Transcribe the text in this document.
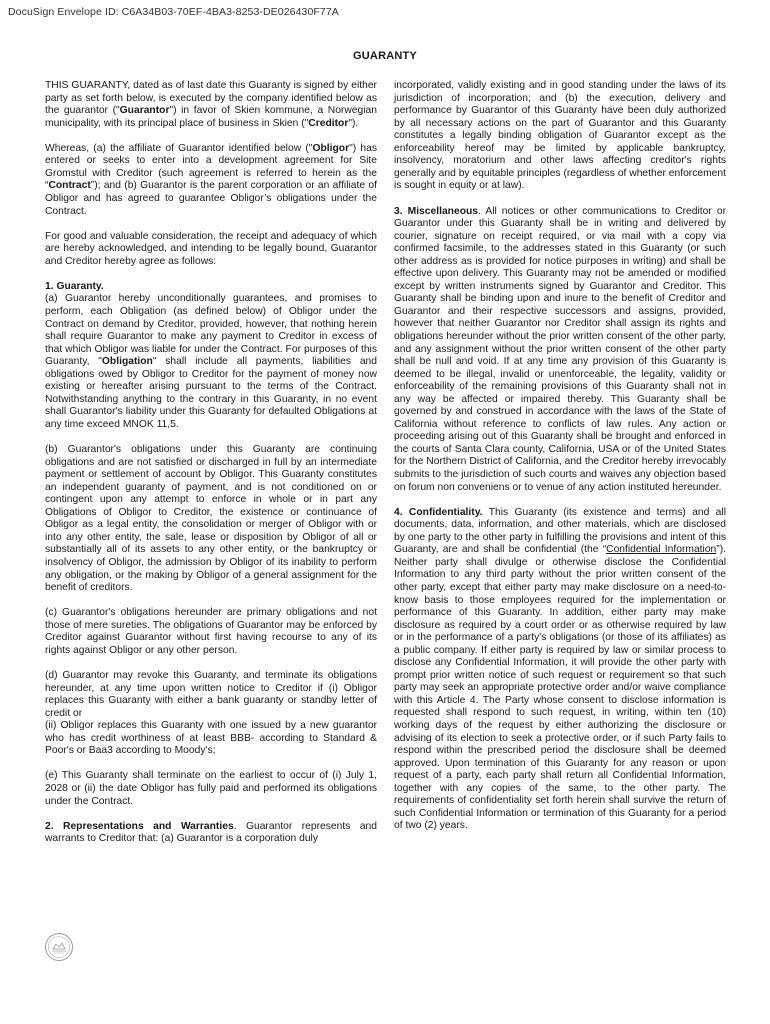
DocuSign Envelope ID: C6A34B03-70EF-4BA3-8253-DE026430F77A
GUARANTY

THIS GUARANTY, dated as of last date this Guaranty is signed by either party as set forth below, is executed by the company identified below as the guarantor ("Guarantor") in favor of Skien kommune, a Norwegian municipality, with its principal place of business in Skien ("Creditor").

Whereas, (a) the affiliate of Guarantor identified below ("Obligor") has entered or seeks to enter into a development agreement for Site Gromstul with Creditor (such agreement is referred to herein as the “Contract”); and (b) Guarantor is the parent corporation or an affiliate of Obligor and has agreed to guarantee Obligor’s obligations under the Contract.

For good and valuable consideration, the receipt and adequacy of which are hereby acknowledged, and intending to be legally bound, Guarantor and Creditor hereby agree as follows:

1. Guaranty.

(a) Guarantor hereby unconditionally guarantees, and promises to perform, each Obligation (as defined below) of Obligor under the Contract on demand by Creditor, provided, however, that nothing herein shall require Guarantor to make any payment to Creditor in excess of that which Obligor was liable for under the Contract. For purposes of this Guaranty, "Obligation" shall include all payments, liabilities and obligations owed by Obligor to Creditor for the payment of money now existing or hereafter arising pursuant to the terms of the Contract. Notwithstanding anything to the contrary in this Guaranty, in no event shall Guarantor's liability under this Guaranty for defaulted Obligations at any time exceed MNOK 11,5.

(b) Guarantor's obligations under this Guaranty are continuing obligations and are not satisfied or discharged in full by an intermediate payment or settlement of account by Obligor. This Guaranty constitutes an independent guaranty of payment, and is not conditioned on or contingent upon any attempt to enforce in whole or in part any Obligations of Obligor to Creditor, the existence or continuance of Obligor as a legal entity, the consolidation or merger of Obligor with or into any other entity, the sale, lease or disposition by Obligor of all or substantially all of its assets to any other entity, or the bankruptcy or insolvency of Obligor, the admission by Obligor of its inability to perform any obligation, or the making by Obligor of a general assignment for the benefit of creditors.

(c) Guarantor's obligations hereunder are primary obligations and not those of mere sureties. The obligations of Guarantor may be enforced by Creditor against Guarantor without first having recourse to any of its rights against Obligor or any other person.

(d) Guarantor may revoke this Guaranty, and terminate its obligations hereunder, at any time upon written notice to Creditor if (i) Obligor replaces this Guaranty with either a bank guaranty or standby letter of credit or

(ii) Obligor replaces this Guaranty with one issued by a new guarantor who has credit worthiness of at least BBB- according to Standard & Poor's or Baa3 according to Moody's;

(e) This Guaranty shall terminate on the earliest to occur of (i) July 1, 2028 or (ii) the date Obligor has fully paid and performed its obligations under the Contract.

2. Representations and Warranties. Guarantor represents and warrants to Creditor that: (a) Guarantor is a corporation duly

incorporated, validly existing and in good standing under the laws of its jurisdiction of incorporation; and (b) the execution, delivery and performance by Guarantor of this Guaranty have been duly authorized by all necessary actions on the part of Guarantor and this Guaranty constitutes a legally binding obligation of Guarantor except as the enforceability hereof may be limited by applicable bankruptcy, insolvency, moratorium and other laws affecting creditor's rights generally and by equitable principles (regardless of whether enforcement is sought in equity or at law).

3. Miscellaneous. All notices or other communications to Creditor or Guarantor under this Guaranty shall be in writing and delivered by courier, signature on receipt required, or via mail with a copy via confirmed facsimile, to the addresses stated in this Guaranty (or such other address as is provided for notice purposes in writing) and shall be effective upon delivery. This Guaranty may not be amended or modified except by written instruments signed by Guarantor and Creditor. This Guaranty shall be binding upon and inure to the benefit of Creditor and Guarantor and their respective successors and assigns, provided, however that neither Guarantor nor Creditor shall assign its rights and obligations hereunder without the prior written consent of the other party, and any assignment without the prior written consent of the other party shall be null and void. If at any time any provision of this Guaranty is deemed to be illegal, invalid or unenforceable, the legality, validity or enforceability of the remaining provisions of this Guaranty shall not in any way be affected or impaired thereby. This Guaranty shall be governed by and construed in accordance with the laws of the State of California without reference to conflicts of law rules. Any action or proceeding arising out of this Guaranty shall be brought and enforced in the courts of Santa Clara county, California, USA or of the United States for the Northern District of California, and the Creditor hereby irrevocably submits to the jurisdiction of such courts and waives any objection based on forum non conveniens or to venue of any action instituted hereunder.

4. Confidentiality. This Guaranty (its existence and terms) and all documents, data, information, and other materials, which are disclosed by one party to the other party in fulfilling the provisions and intent of this Guaranty, are and shall be confidential (the “Confidential Information”). Neither party shall divulge or otherwise disclose the Confidential Information to any third party without the prior written consent of the other party, except that either party may make disclosure on a need-to-know basis to those employees required for the implementation or performance of this Guaranty. In addition, either party may make disclosure as required by a court order or as otherwise required by law or in the performance of a party's obligations (or those of its affiliates) as a public company. If either party is required by law or similar process to disclose any Confidential Information, it will provide the other party with prompt prior written notice of such request or requirement so that such party may seek an appropriate protective order and/or waive compliance with this Article 4. The Party whose consent to disclose information is requested shall respond to such request, in writing, within ten (10) working days of the request by either authorizing the disclosure or advising of its election to seek a protective order, or if such Party fails to respond within the prescribed period the disclosure shall be deemed approved. Upon termination of this Guaranty for any reason or upon request of a party, each party shall return all Confidential Information, together with any copies of the same, to the other party. The requirements of confidentiality set forth herein shall survive the return of such Confidential Information or termination of this Guaranty for a period of two (2) years.
